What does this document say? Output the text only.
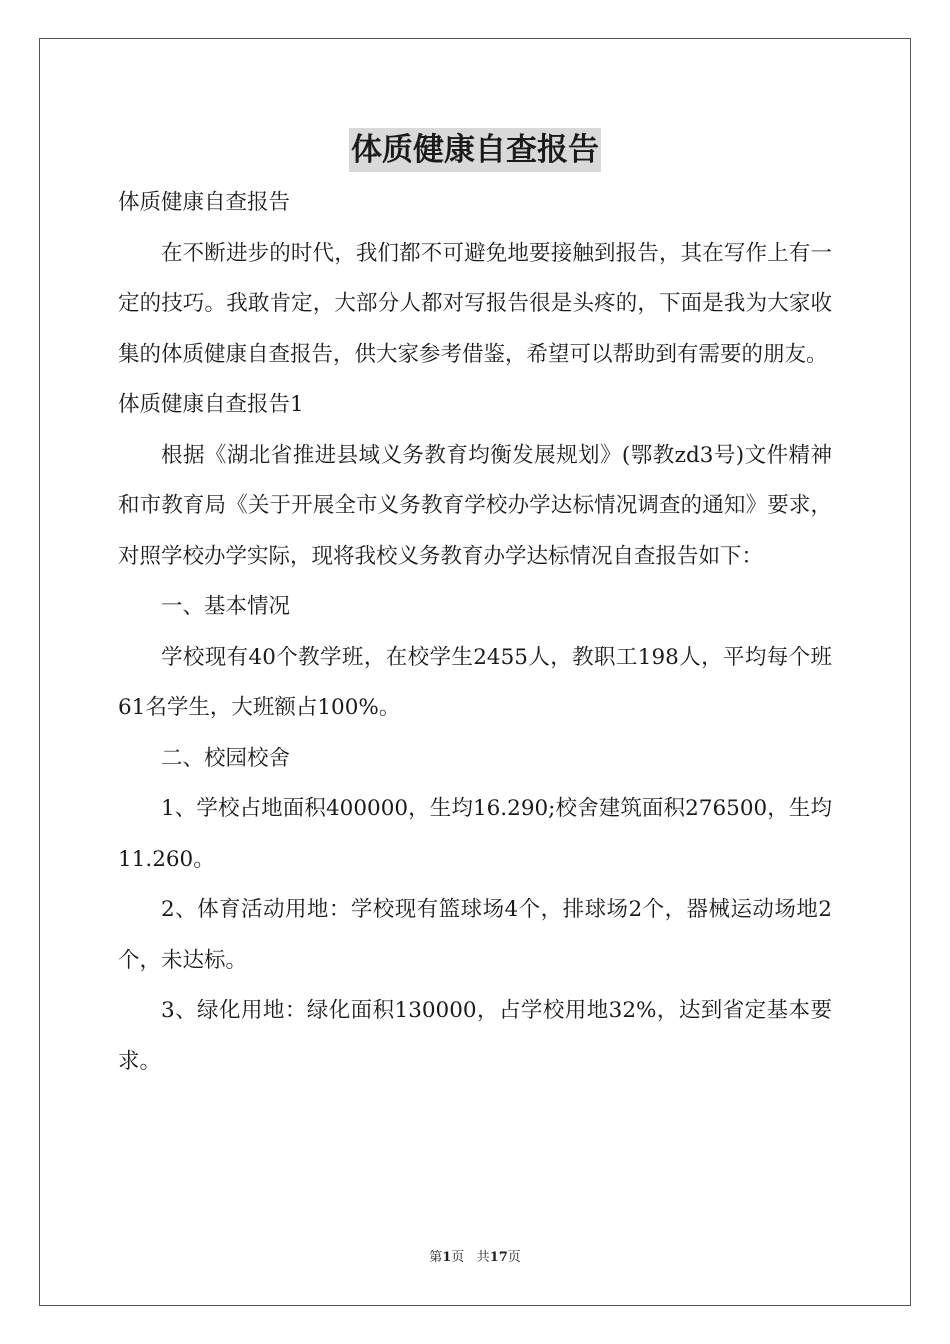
体质健康自查报告

体质健康自查报告

在不断进步的时代，我们都不可避免地要接触到报告，其在写作上有一定的技巧。我敢肯定，大部分人都对写报告很是头疼的，下面是我为大家收集的体质健康自查报告，供大家参考借鉴，希望可以帮助到有需要的朋友。

体质健康自查报告1

根据《湖北省推进县域义务教育均衡发展规划》(鄂教zd3号)文件精神和市教育局《关于开展全市义务教育学校办学达标情况调查的通知》要求，对照学校办学实际，现将我校义务教育办学达标情况自查报告如下：

一、基本情况

学校现有40个教学班，在校学生2455人，教职工198人，平均每个班61名学生，大班额占100%。

二、校园校舍

1、学校占地面积400000，生均16.290;校舍建筑面积276500，生均11.260。

2、体育活动用地：学校现有篮球场4个，排球场2个，器械运动场地2个，未达标。

3、绿化用地：绿化面积130000，占学校用地32%，达到省定基本要求。

第1页 共17页
